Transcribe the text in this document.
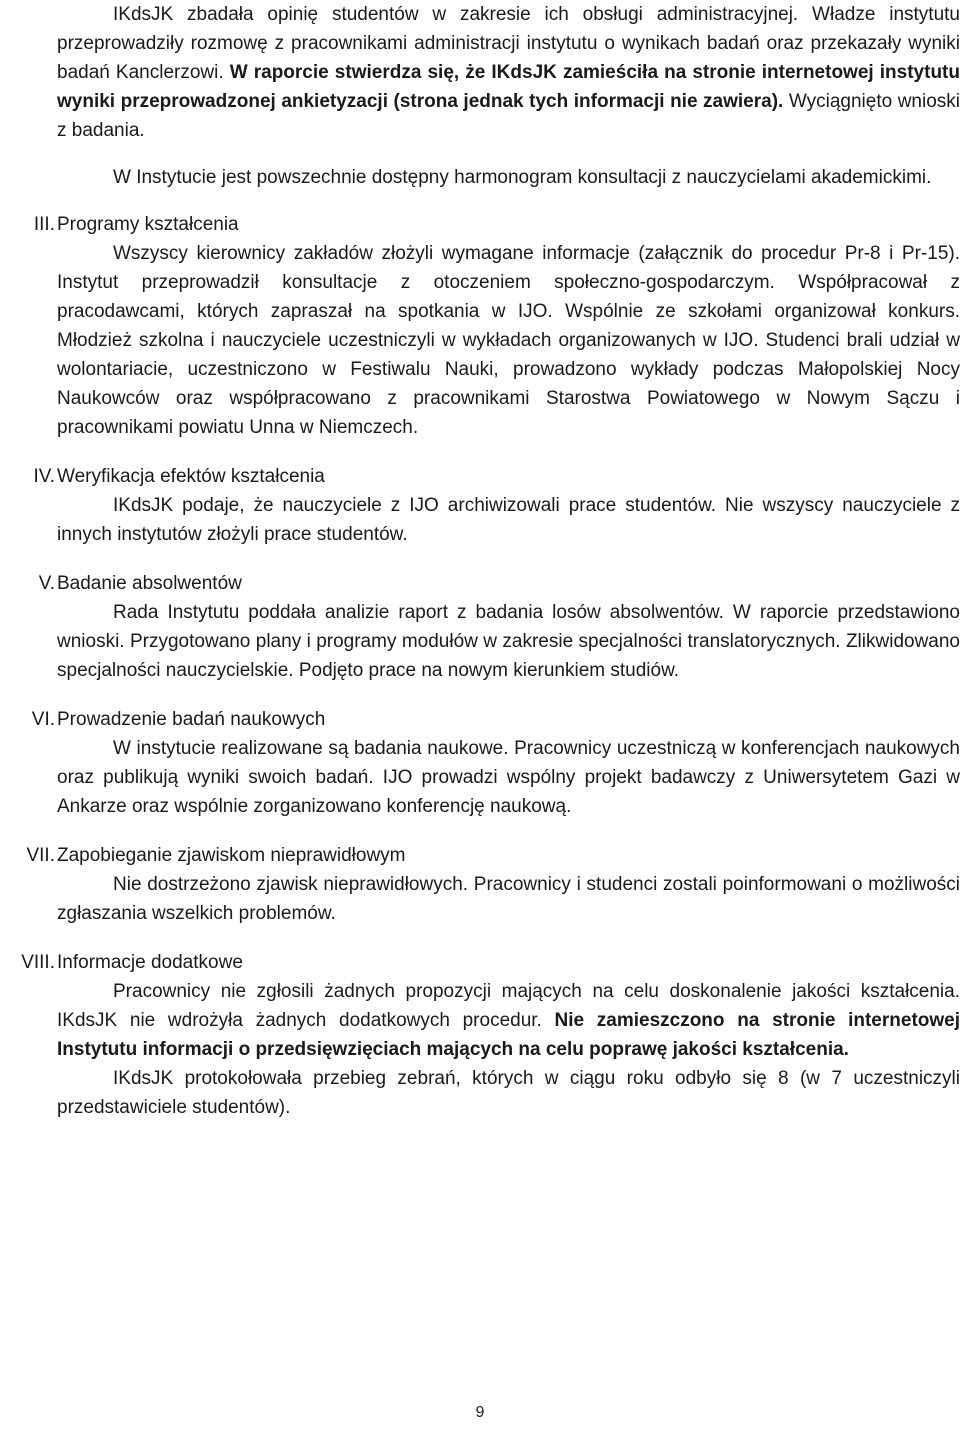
IKdsJK zbadała opinię studentów w zakresie ich obsługi administracyjnej. Władze instytutu przeprowadziły rozmowę z pracownikami administracji instytutu o wynikach badań oraz przekazały wyniki badań Kanclerzowi. W raporcie stwierdza się, że IKdsJK zamieściła na stronie internetowej instytutu wyniki przeprowadzonej ankietyzacji (strona jednak tych informacji nie zawiera). Wyciągnięto wnioski z badania.

W Instytucie jest powszechnie dostępny harmonogram konsultacji z nauczycielami akademickimi.

III. Programy kształcenia

Wszyscy kierownicy zakładów złożyli wymagane informacje (załącznik do procedur Pr-8 i Pr-15). Instytut przeprowadził konsultacje z otoczeniem społeczno-gospodarczym. Współpracował z pracodawcami, których zapraszał na spotkania w IJO. Wspólnie ze szkołami organizował konkurs. Młodzież szkolna i nauczyciele uczestniczyli w wykładach organizowanych w IJO. Studenci brali udział w wolontariacie, uczestniczono w Festiwalu Nauki, prowadzono wykłady podczas Małopolskiej Nocy Naukowców oraz współpracowano z pracownikami Starostwa Powiatowego w Nowym Sączu i pracownikami powiatu Unna w Niemczech.

IV. Weryfikacja efektów kształcenia

IKdsJK podaje, że nauczyciele z IJO archiwizowali prace studentów. Nie wszyscy nauczyciele z innych instytutów złożyli prace studentów.

V. Badanie absolwentów

Rada Instytutu poddała analizie raport z badania losów absolwentów. W raporcie przedstawiono wnioski. Przygotowano plany i programy modułów w zakresie specjalności translatorycznych. Zlikwidowano specjalności nauczycielskie. Podjęto prace na nowym kierunkiem studiów.

VI. Prowadzenie badań naukowych

W instytucie realizowane są badania naukowe. Pracownicy uczestniczą w konferencjach naukowych oraz publikują wyniki swoich badań. IJO prowadzi wspólny projekt badawczy z Uniwersytetem Gazi w Ankarze oraz wspólnie zorganizowano konferencję naukową.

VII. Zapobieganie zjawiskom nieprawidłowym

Nie dostrzeżono zjawisk nieprawidłowych. Pracownicy i studenci zostali poinformowani o możliwości zgłaszania wszelkich problemów.

VIII. Informacje dodatkowe

Pracownicy nie zgłosili żadnych propozycji mających na celu doskonalenie jakości kształcenia. IKdsJK nie wdrożyła żadnych dodatkowych procedur. Nie zamieszczono na stronie internetowej Instytutu informacji o przedsięwzięciach mających na celu poprawę jakości kształcenia.

IKdsJK protokołowała przebieg zebrań, których w ciągu roku odbyło się 8 (w 7 uczestniczyli przedstawiciele studentów).

9
